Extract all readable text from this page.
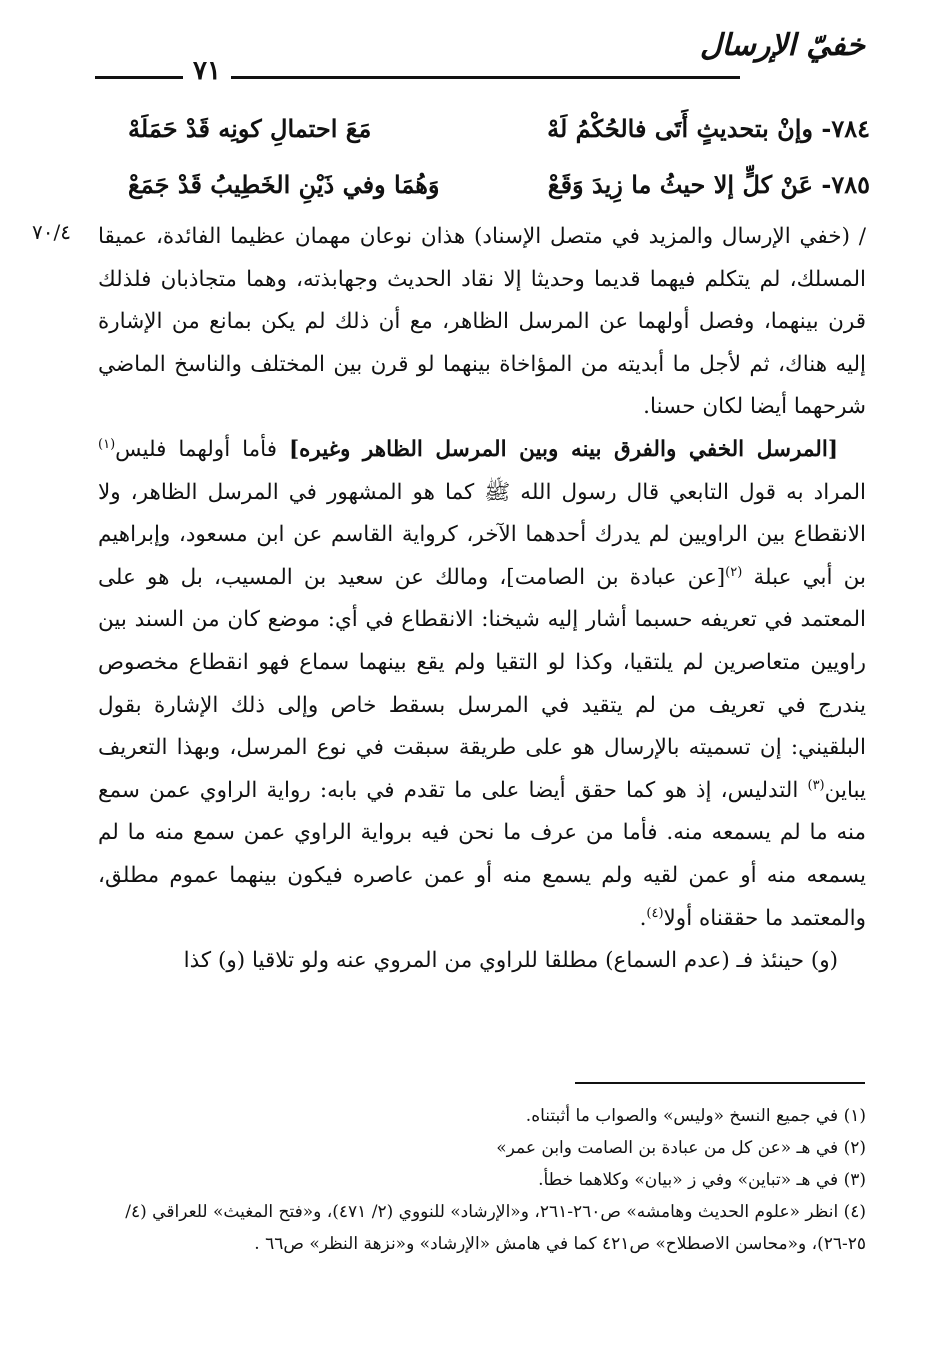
٧١
خفيّ الإرسال
٧٨٤- وإنْ بتحديثٍ أَتَى فالحُكْمُ لَهْ
مَعَ احتمالِ كونِه قَدْ حَمَلَهْ
٧٨٥- عَنْ كلٍّ إلا حيثُ ما زِيدَ وَقَعْ
وَهُمَا وفي ذَيْنِ الخَطِيبُ قَدْ جَمَعْ
٧٠/٤ / (خفي الإرسال والمزيد في متصل الإسناد) هذان نوعان مهمان عظيما الفائدة، عميقا المسلك، لم يتكلم فيهما قديما وحديثا إلا نقاد الحديث وجهابذته، وهما متجاذبان فلذلك قرن بينهما، وفصل أولهما عن المرسل الظاهر، مع أن ذلك لم يكن بمانع من الإشارة إليه هناك، ثم لأجل ما أبديته من المؤاخاة بينهما لو قرن بين المختلف والناسخ الماضي شرحهما أيضا لكان حسنا.

[المرسل الخفي والفرق بينه وبين المرسل الظاهر وغيره] فأما أولهما فليس$^{(١)}$ المراد به قول التابعي قال رسول الله ﷺ كما هو المشهور في المرسل الظاهر، ولا الانقطاع بين الراويين لم يدرك أحدهما الآخر، كرواية القاسم عن ابن مسعود، وإبراهيم بن أبي عبلة $^{(٢)}$[عن عبادة بن الصامت]، ومالك عن سعيد بن المسيب، بل هو على المعتمد في تعريفه حسبما أشار إليه شيخنا: الانقطاع في أي: موضع كان من السند بين راويين متعاصرين لم يلتقيا، وكذا لو التقيا ولم يقع بينهما سماع فهو انقطاع مخصوص يندرج في تعريف من لم يتقيد في المرسل بسقط خاص وإلى ذلك الإشارة بقول البلقيني: إن تسميته بالإرسال هو على طريقة سبقت في نوع المرسل، وبهذا التعريف يباين$^{(٣)}$ التدليس، إذ هو كما حقق أيضا على ما تقدم في بابه: رواية الراوي عمن سمع منه ما لم يسمعه منه. فأما من عرف ما نحن فيه برواية الراوي عمن سمع منه ما لم يسمعه منه أو عمن لقيه ولم يسمع منه أو عمن عاصره فيكون بينهما عموم مطلق، والمعتمد ما حققناه أولا$^{(٤)}$.

(و) حينئذ فـ (عدم السماع) مطلقا للراوي من المروي عنه ولو تلاقيا (و) كذا

(١) في جميع النسخ «وليس» والصواب ما أثبتناه.

(٢) في هـ «عن كل من عبادة بن الصامت وابن عمر»

(٣) في هـ «تباين» وفي ز «بيان» وكلاهما خطأ.

(٤) انظر «علوم الحديث وهامشه» ص٢٦٠-٢٦١، و«الإرشاد» للنووي (٢/ ٤٧١)، و«فتح المغيث» للعراقي (٤/ ٢٥-٢٦)، و«محاسن الاصطلاح» ص٤٢١ كما في هامش «الإرشاد» و«نزهة النظر» ص٦٦ .
